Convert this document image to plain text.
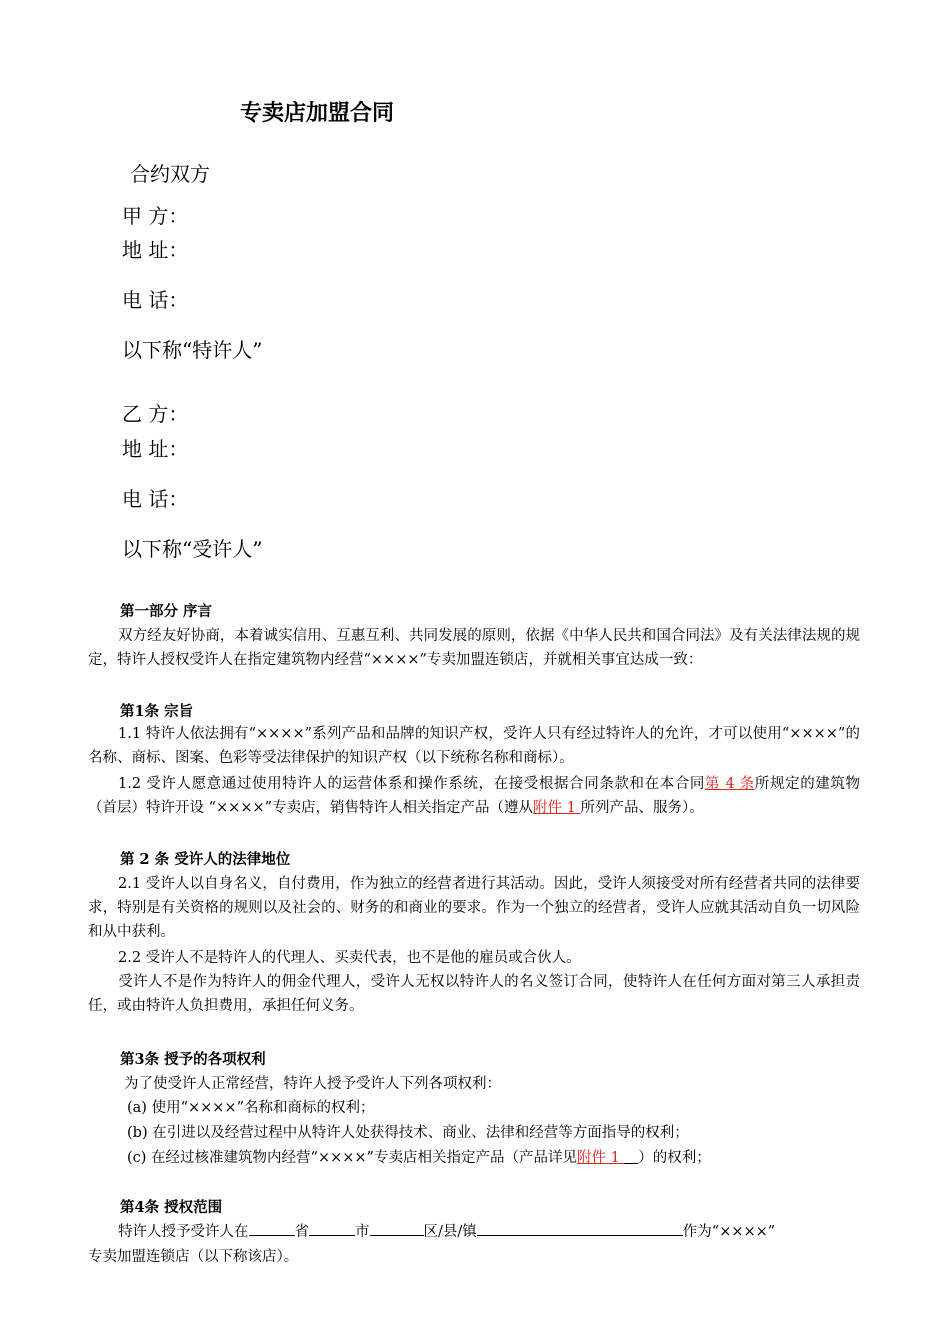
专卖店加盟合同
合约双方
甲 方：
地 址：
电 话：
以下称“特许人”
乙 方：
地 址：
电 话：
以下称“受许人”
第一部分 序言
双方经友好协商，本着诚实信用、互惠互利、共同发展的原则，依据《中华人民共和国合同法》及有关法律法规的规定，特许人授权受许人在指定建筑物内经营“××××”专卖加盟连锁店，并就相关事宜达成一致：
第1条 宗旨
1.1 特许人依法拥有“××××”系列产品和品牌的知识产权，受许人只有经过特许人的允许，才可以使用“××××”的名称、商标、图案、色彩等受法律保护的知识产权（以下统称名称和商标）。
1.2 受许人愿意通过使用特许人的运营体系和操作系统，在接受根据合同条款和在本合同第 4 条所规定的建筑物（首层）特许开设 “××××”专卖店，销售特许人相关指定产品（遵从附件 1 所列产品、服务）。
第 2 条 受许人的法律地位
2.1 受许人以自身名义，自付费用，作为独立的经营者进行其活动。因此，受许人须接受对所有经营者共同的法律要求，特别是有关资格的规则以及社会的、财务的和商业的要求。作为一个独立的经营者，受许人应就其活动自负一切风险和从中获利。
2.2 受许人不是特许人的代理人、买卖代表，也不是他的雇员或合伙人。
受许人不是作为特许人的佣金代理人，受许人无权以特许人的名义签订合同，使特许人在任何方面对第三人承担责任，或由特许人负担费用，承担任何义务。
第3条 授予的各项权利
为了使受许人正常经营，特许人授予受许人下列各项权利：
(a) 使用“××××”名称和商标的权利；
(b) 在引进以及经营过程中从特许人处获得技术、商业、法律和经营等方面指导的权利；
(c) 在经过核准建筑物内经营“××××”专卖店相关指定产品（产品详见附件 1    ）的权利；
第4条 授权范围
特许人授予受许人在	省	市	区/县/镇	作为“××××”
专卖加盟连锁店（以下称该店）。
